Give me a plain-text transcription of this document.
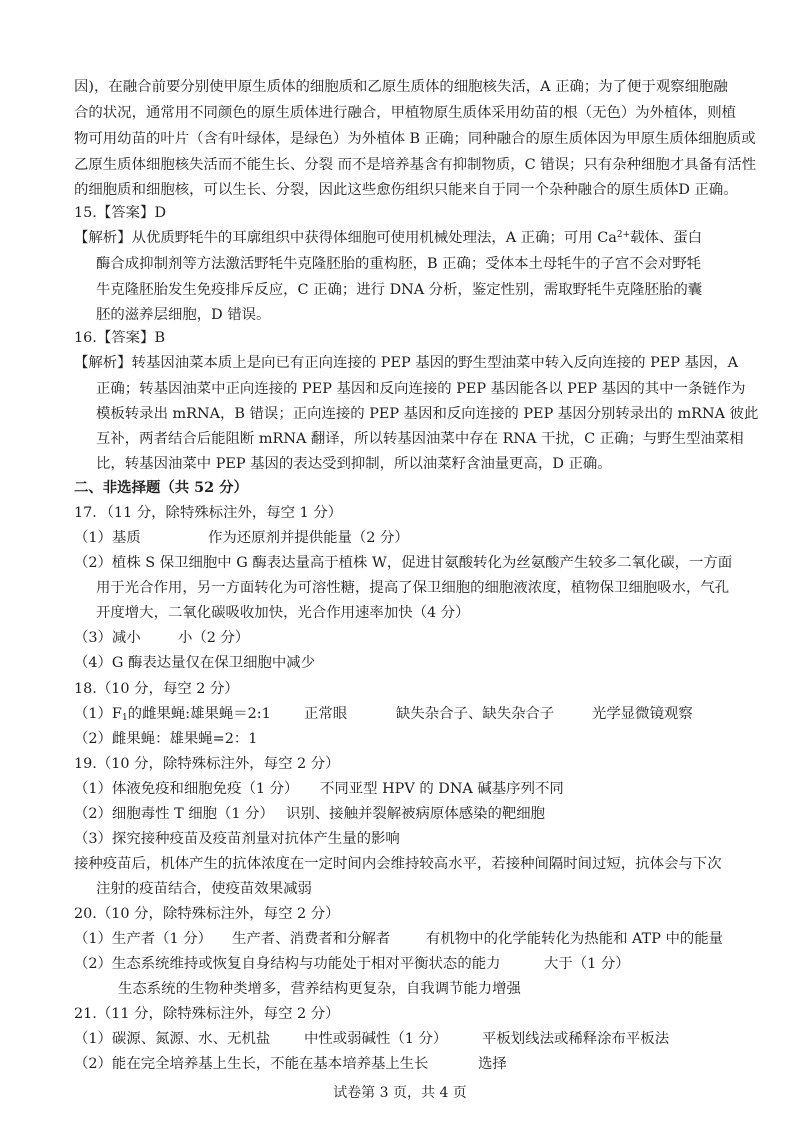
因)，在融合前要分别使甲原生质体的细胞质和乙原生质体的细胞核失活，A 正确；为了便于观察细胞融
合的状况，通常用不同颜色的原生质体进行融合，甲植物原生质体采用幼苗的根（无色）为外植体，则植
物可用幼苗的叶片（含有叶绿体，是绿色）为外植体 B 正确；同种融合的原生质体因为甲原生质体细胞质或
乙原生质体细胞核失活而不能生长、分裂 而不是培养基含有抑制物质，C 错误；只有杂种细胞才具备有活性
的细胞质和细胞核，可以生长、分裂，因此这些愈伤组织只能来自于同一个杂种融合的原生质体D 正确。
15.【答案】D
【解析】从优质野牦牛的耳廓组织中获得体细胞可使用机械处理法，A 正确；可用 $Ca^{2+}$载体、蛋白
酶合成抑制剂等方法激活野牦牛克隆胚胎的重构胚，B 正确；受体本土母牦牛的子宫不会对野牦
牛克隆胚胎发生免疫排斥反应，C 正确；进行 DNA 分析，鉴定性别，需取野牦牛克隆胚胎的囊
胚的滋养层细胞，D 错误。
16.【答案】B
【解析】转基因油菜本质上是向已有正向连接的 PEP 基因的野生型油菜中转入反向连接的 PEP 基因，A
正确；转基因油菜中正向连接的 PEP 基因和反向连接的 PEP 基因能各以 PEP 基因的其中一条链作为
模板转录出 mRNA，B 错误；正向连接的 PEP 基因和反向连接的 PEP 基因分别转录出的 mRNA 彼此
互补，两者结合后能阻断 mRNA 翻译，所以转基因油菜中存在 RNA 干扰，C 正确；与野生型油菜相
比，转基因油菜中 PEP 基因的表达受到抑制，所以油菜籽含油量更高，D 正确。
二、非选择题（共 52 分）
17．（11 分，除特殊标注外，每空 1 分）
（1）基质	作为还原剂并提供能量（2 分）
（2）植株 S 保卫细胞中 G 酶表达量高于植株 W，促进甘氨酸转化为丝氨酸产生较多二氧化碳，一方面
用于光合作用，另一方面转化为可溶性糖，提高了保卫细胞的细胞液浓度，植物保卫细胞吸水，气孔
开度增大，二氧化碳吸收加快，光合作用速率加快（4 分）
（3）减小	小（2 分）
（4）G 酶表达量仅在保卫细胞中减少
18.（10 分，每空 2 分）
$(1)F_1$的雌果蝇:雄果蝇＝2:1 正常眼	缺失杂合子、缺失杂合子	光学显微镜观察
（2）雌果蝇：雄果蝇=2：1
19.（10 分，除特殊标注外，每空 2 分）
（1）体液免疫和细胞免疫（1 分） 不同亚型 HPV 的 DNA 碱基序列不同
（2）细胞毒性 T 细胞（1 分） 识别、接触并裂解被病原体感染的靶细胞
（3）探究接种疫苗及疫苗剂量对抗体产生量的影响
接种疫苗后，机体产生的抗体浓度在一定时间内会维持较高水平，若接种间隔时间过短，抗体会与下次
注射的疫苗结合，使疫苗效果减弱
20.（10 分，除特殊标注外，每空 2 分）
（1）生产者（1 分） 生产者、消费者和分解者 有机物中的化学能转化为热能和 ATP 中的能量
（2）生态系统维持或恢复自身结构与功能处于相对平衡状态的能力	大于（1 分）
生态系统的生物种类增多，营养结构更复杂，自我调节能力增强
21.（11 分，除特殊标注外，每空 2 分）
（1）碳源、氮源、水、无机盐 中性或弱碱性（1 分） 平板划线法或稀释涂布平板法
（2）能在完全培养基上生长，不能在基本培养基上生长	选择
试卷第 3 页，共 4 页
